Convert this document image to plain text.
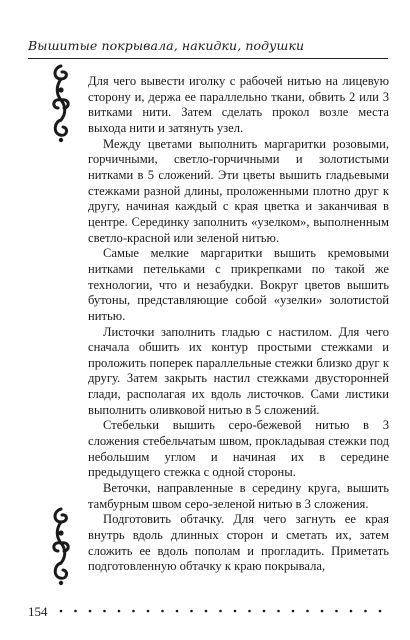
Вышитые покрывала, накидки, подушки

Для чего вывести иголку с рабочей нитью на лицевую сторону и, держа ее параллельно ткани, обвить 2 или 3 витками нити. Затем сделать прокол возле места выхода нити и затянуть узел.

Между цветами выполнить маргаритки розовыми, горчичными, светло-горчичными и золотистыми нитками в 5 сложений. Эти цветы вышить гладьевыми стежками разной длины, проложенными плотно друг к другу, начиная каждый с края цветка и заканчивая в центре. Серединку заполнить «узелком», выполненным светло-красной или зеленой нитью.

Самые мелкие маргаритки вышить кремовыми нитками петельками с прикрепками по такой же технологии, что и незабудки. Вокруг цветов вышить бутоны, представляющие собой «узелки» золотистой нитью.

Листочки заполнить гладью с настилом. Для чего сначала обшить их контур простыми стежками и проложить поперек параллельные стежки близко друг к другу. Затем закрыть настил стежками двусторонней глади, располагая их вдоль листочков. Сами листики выполнить оливковой нитью в 5 сложений.

Стебельки вышить серо-бежевой нитью в 3 сложения стебельчатым швом, прокладывая стежки под небольшим углом и начиная их в середине предыдущего стежка с одной стороны.

Веточки, направленные в середину круга, вышить тамбурным швом серо-зеленой нитью в 3 сложения.

Подготовить обтачку. Для чего загнуть ее края внутрь вдоль длинных сторон и сметать их, затем сложить ее вдоль пополам и прогладить. Приметать подготовленную обтачку к краю покрывала,

154
